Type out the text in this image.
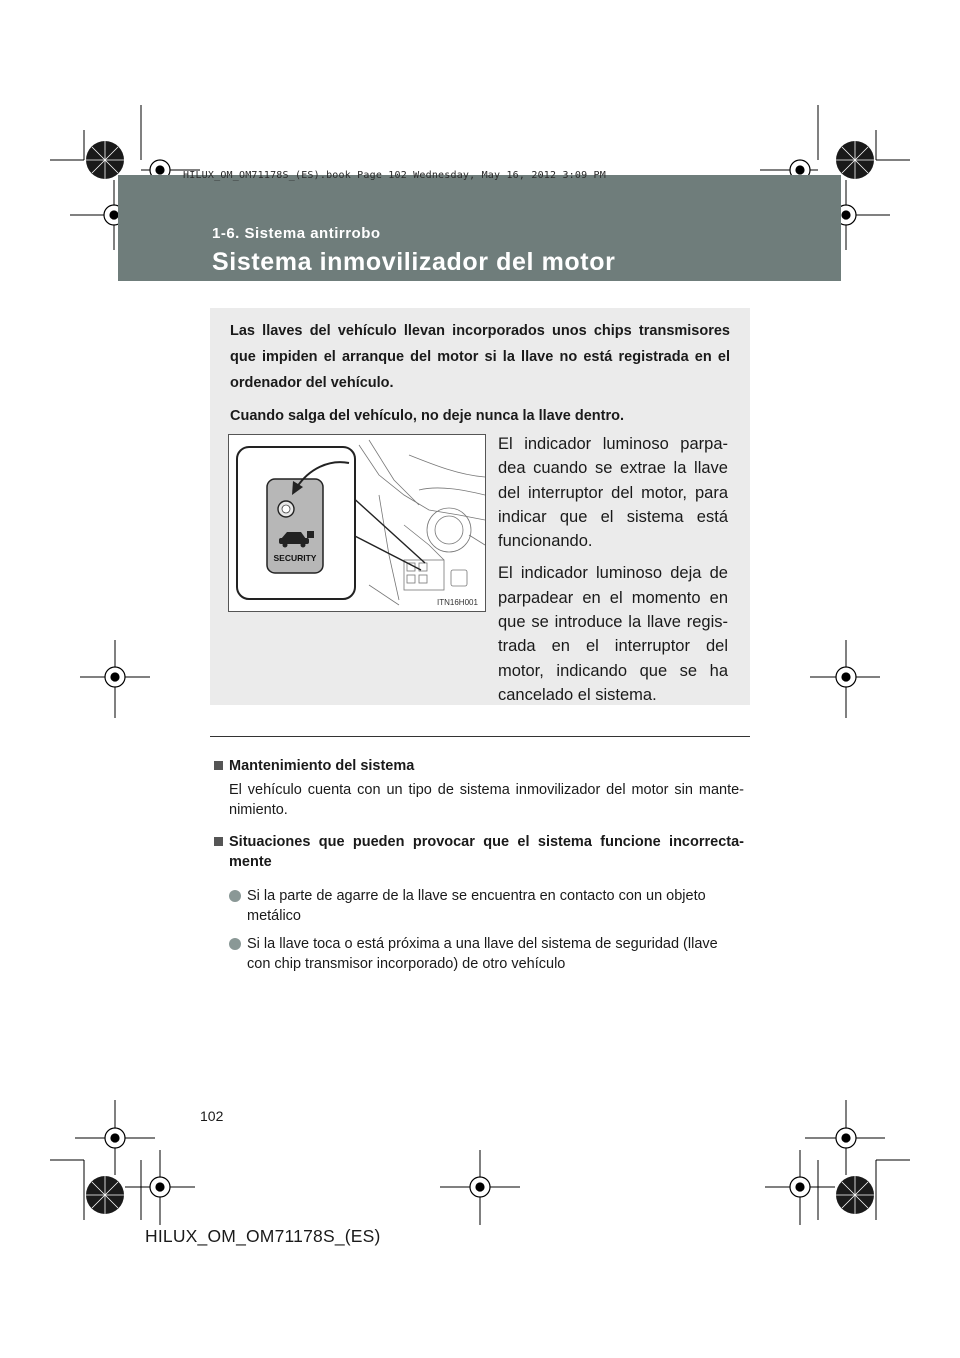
HILUX_OM_OM71178S_(ES).book Page 102 Wednesday, May 16, 2012 3:09 PM
1-6. Sistema antirrobo
Sistema inmovilizador del motor

Las llaves del vehículo llevan incorporados unos chips transmisores que impiden el arranque del motor si la llave no está registrada en el ordenador del vehículo.

Cuando salga del vehículo, no deje nunca la llave dentro.

SECURITY
ITN16H001

El indicador luminoso parpa-dea cuando se extrae la llave del interruptor del motor, para indicar que el sistema está funcionando.

El indicador luminoso deja de parpadear en el momento en que se introduce la llave regis-trada en el interruptor del motor, indicando que se ha cancelado el sistema.

Mantenimiento del sistema
El vehículo cuenta con un tipo de sistema inmovilizador del motor sin mante-nimiento.
Situaciones que pueden provocar que el sistema funcione incorrecta-mente
Si la parte de agarre de la llave se encuentra en contacto con un objeto metálico
Si la llave toca o está próxima a una llave del sistema de seguridad (llave con chip transmisor incorporado) de otro vehículo
102
HILUX_OM_OM71178S_(ES)
